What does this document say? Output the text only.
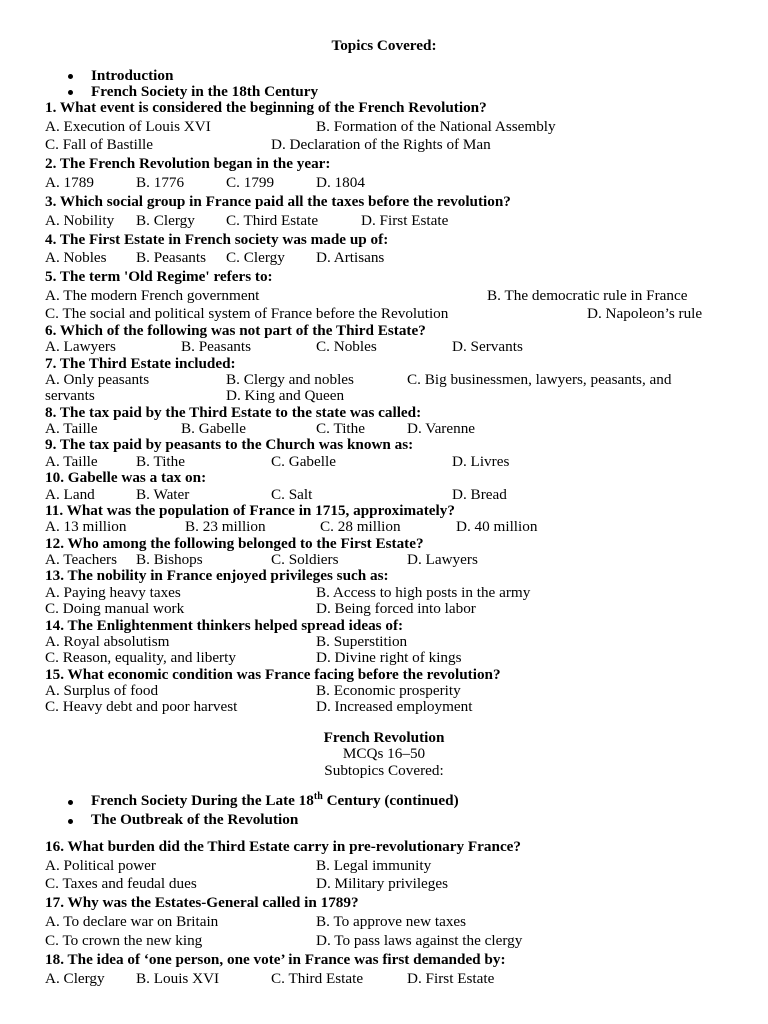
Topics Covered:
Introduction
French Society in the 18th Century
1. What event is considered the beginning of the French Revolution?
A. Execution of Louis XVI	B. Formation of the National Assembly
C. Fall of Bastille	D. Declaration of the Rights of Man
2. The French Revolution began in the year:
A. 1789	B. 1776	C. 1799	D. 1804
3. Which social group in France paid all the taxes before the revolution?
A. Nobility B. Clergy C. Third Estate	D. First Estate
4. The First Estate in French society was made up of:
A. Nobles B. Peasants C. Clergy D. Artisans
5. The term 'Old Regime' refers to:
A. The modern French government	B. The democratic rule in France
C. The social and political system of France before the Revolution	D. Napoleon’s rule
6. Which of the following was not part of the Third Estate?
A. Lawyers	B. Peasants	C. Nobles	D. Servants
7. The Third Estate included:
A. Only peasants	B. Clergy and nobles	C. Big businessmen, lawyers, peasants, and
servants	D. King and Queen
8. The tax paid by the Third Estate to the state was called:
A. Taille	B. Gabelle	C. Tithe	D. Varenne
9. The tax paid by peasants to the Church was known as:
A. Taille	B. Tithe	C. Gabelle	D. Livres
10. Gabelle was a tax on:
A. Land	B. Water	C. Salt	D. Bread
11. What was the population of France in 1715, approximately?
A. 13 million	B. 23 million	C. 28 million	D. 40 million
12. Who among the following belonged to the First Estate?
A. Teachers B. Bishops	C. Soldiers	D. Lawyers
13. The nobility in France enjoyed privileges such as:
A. Paying heavy taxes	B. Access to high posts in the army
C. Doing manual work	D. Being forced into labor
14. The Enlightenment thinkers helped spread ideas of:
A. Royal absolutism	B. Superstition
C. Reason, equality, and liberty	D. Divine right of kings
15. What economic condition was France facing before the revolution?
A. Surplus of food	B. Economic prosperity
C. Heavy debt and poor harvest	D. Increased employment
French Revolution
MCQs 16–50
Subtopics Covered:
French Society During the Late 18th Century (continued)
The Outbreak of the Revolution
16. What burden did the Third Estate carry in pre-revolutionary France?
A. Political power	B. Legal immunity
C. Taxes and feudal dues	D. Military privileges
17. Why was the Estates-General called in 1789?
A. To declare war on Britain	B. To approve new taxes
C. To crown the new king	D. To pass laws against the clergy
18. The idea of ‘one person, one vote’ in France was first demanded by:
A. Clergy B. Louis XVI	C. Third Estate	D. First Estate
